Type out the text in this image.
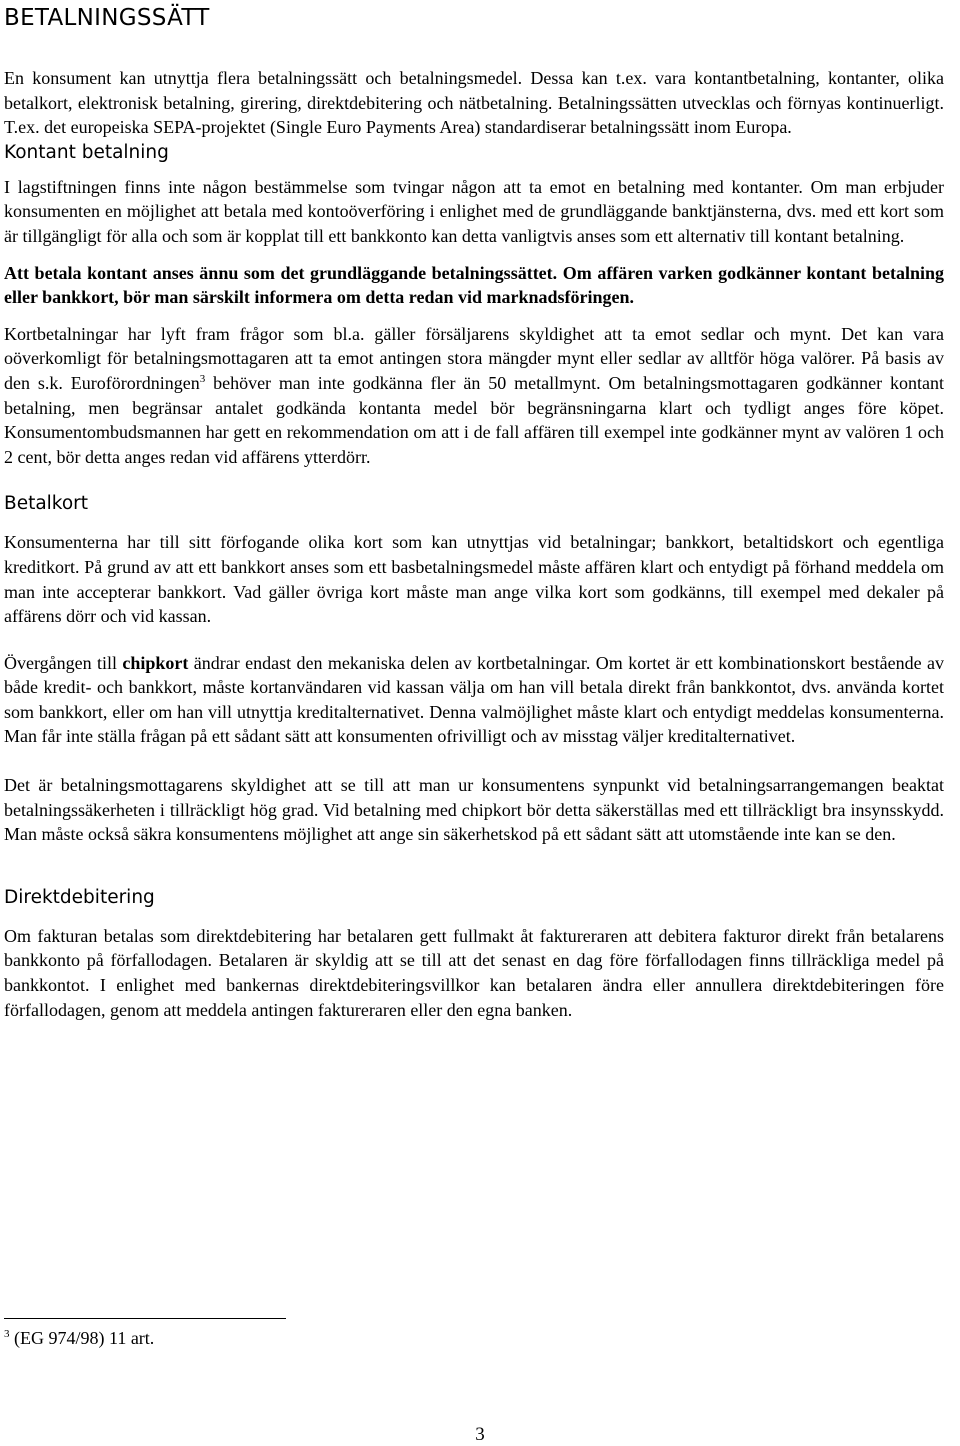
BETALNINGSSÄTT

En konsument kan utnyttja flera betalningssätt och betalningsmedel. Dessa kan t.ex. vara kontantbetalning, kontanter, olika betalkort, elektronisk betalning, girering, direktdebitering och nätbetalning. Betalningssätten utvecklas och förnyas kontinuerligt. T.ex. det europeiska SEPA-projektet (Single Euro Payments Area) standardiserar betalningssätt inom Europa.

Kontant betalning

I lagstiftningen finns inte någon bestämmelse som tvingar någon att ta emot en betalning med kontanter. Om man erbjuder konsumenten en möjlighet att betala med kontoöverföring i enlighet med de grundläggande banktjänsterna, dvs. med ett kort som är tillgängligt för alla och som är kopplat till ett bankkonto kan detta vanligtvis anses som ett alternativ till kontant betalning.

Att betala kontant anses ännu som det grundläggande betalningssättet. Om affären varken godkänner kontant betalning eller bankkort, bör man särskilt informera om detta redan vid marknadsföringen.

Kortbetalningar har lyft fram frågor som bl.a. gäller försäljarens skyldighet att ta emot sedlar och mynt. Det kan vara oöverkomligt för betalningsmottagaren att ta emot antingen stora mängder mynt eller sedlar av alltför höga valörer. På basis av den s.k. Euroförordningen$^3$ behöver man inte godkänna fler än 50 metallmynt. Om betalningsmottagaren godkänner kontant betalning, men begränsar antalet godkända kontanta medel bör begränsningarna klart och tydligt anges före köpet. Konsumentombudsmannen har gett en rekommendation om att i de fall affären till exempel inte godkänner mynt av valören 1 och 2 cent, bör detta anges redan vid affärens ytterdörr.

Betalkort

Konsumenterna har till sitt förfogande olika kort som kan utnyttjas vid betalningar; bankkort, betaltidskort och egentliga kreditkort. På grund av att ett bankkort anses som ett basbetalningsmedel måste affären klart och entydigt på förhand meddela om man inte accepterar bankkort. Vad gäller övriga kort måste man ange vilka kort som godkänns, till exempel med dekaler på affärens dörr och vid kassan.

Övergången till chipkort ändrar endast den mekaniska delen av kortbetalningar. Om kortet är ett kombinationskort bestående av både kredit- och bankkort, måste kortanvändaren vid kassan välja om han vill betala direkt från bankkontot, dvs. använda kortet som bankkort, eller om han vill utnyttja kreditalternativet. Denna valmöjlighet måste klart och entydigt meddelas konsumenterna. Man får inte ställa frågan på ett sådant sätt att konsumenten ofrivilligt och av misstag väljer kreditalternativet.

Det är betalningsmottagarens skyldighet att se till att man ur konsumentens synpunkt vid betalningsarrangemangen beaktat betalningssäkerheten i tillräckligt hög grad. Vid betalning med chipkort bör detta säkerställas med ett tillräckligt bra insynsskydd. Man måste också säkra konsumentens möjlighet att ange sin säkerhetskod på ett sådant sätt att utomstående inte kan se den.

Direktdebitering

Om fakturan betalas som direktdebitering har betalaren gett fullmakt åt faktureraren att debitera fakturor direkt från betalarens bankkonto på förfallodagen. Betalaren är skyldig att se till att det senast en dag före förfallodagen finns tillräckliga medel på bankkontot. I enlighet med bankernas direktdebiteringsvillkor kan betalaren ändra eller annullera direktdebiteringen före förfallodagen, genom att meddela antingen faktureraren eller den egna banken.

$^3$ (EG 974/98) 11 art.
3
